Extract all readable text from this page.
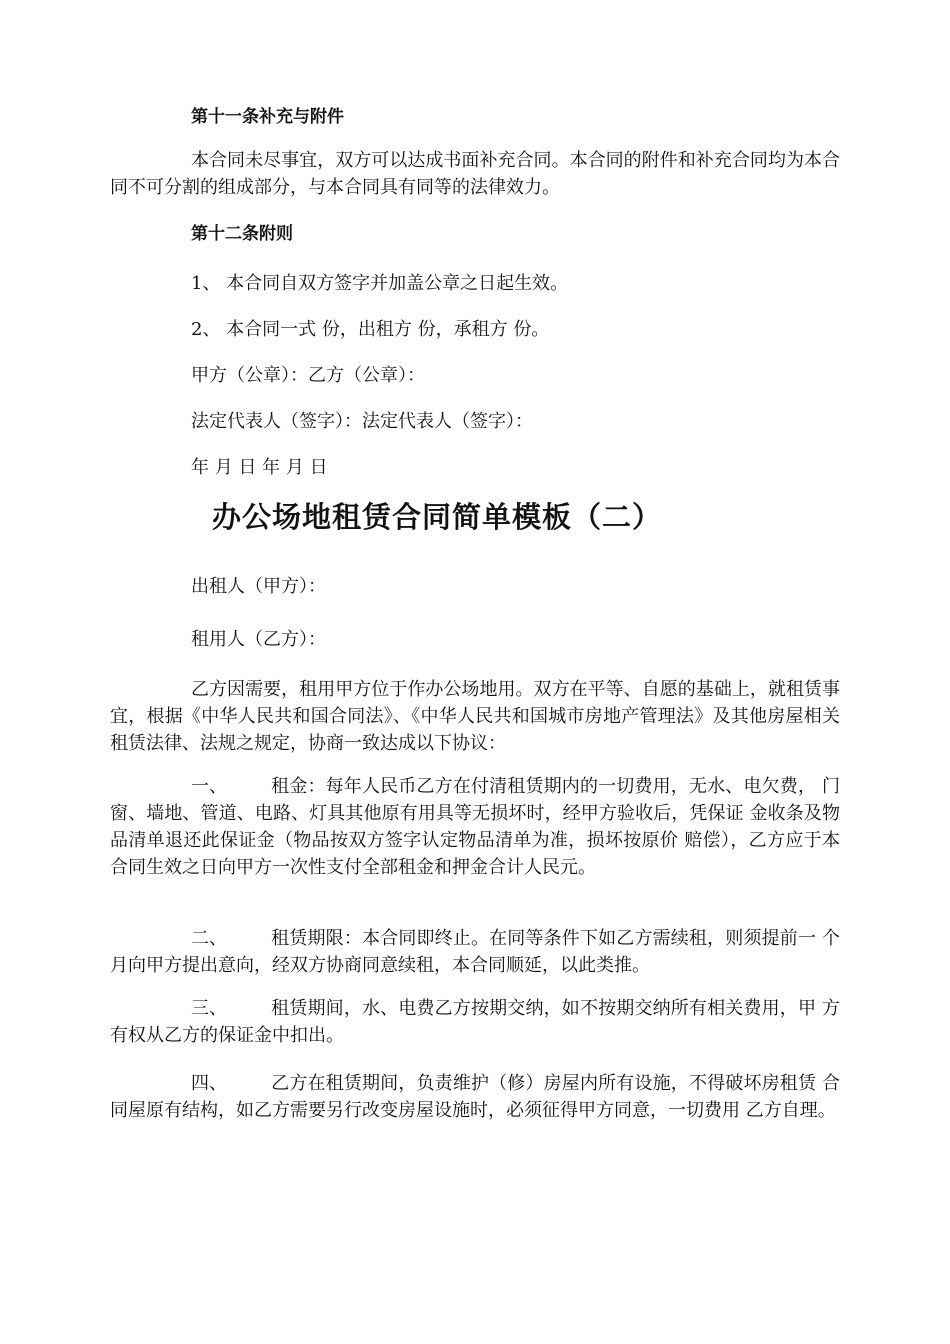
第十一条补充与附件

本合同未尽事宜，双方可以达成书面补充合同。本合同的附件和补充合同均为本合同不可分割的组成部分，与本合同具有同等的法律效力。

第十二条附则

1、 本合同自双方签字并加盖公章之日起生效。

2、 本合同一式 份，出租方 份，承租方 份。

甲方（公章）：乙方（公章）：

法定代表人（签字）：法定代表人（签字）：

年 月 日 年 月 日

办公场地租赁合同简单模板（二）

出租人（甲方）：

租用人（乙方）：

乙方因需要，租用甲方位于作办公场地用。双方在平等、自愿的基础上，就租赁事宜，根据《中华人民共和国合同法》、《中华人民共和国城市房地产管理法》及其他房屋相关租赁法律、法规之规定，协商一致达成以下协议：

一、 租金：每年人民币乙方在付清租赁期内的一切费用，无水、电欠费， 门窗、墙地、管道、电路、灯具其他原有用具等无损坏时，经甲方验收后，凭保证 金收条及物品清单退还此保证金（物品按双方签字认定物品清单为准，损坏按原价 赔偿），乙方应于本合同生效之日向甲方一次性支付全部租金和押金合计人民元。

二、 租赁期限：本合同即终止。在同等条件下如乙方需续租，则须提前一 个月向甲方提出意向，经双方协商同意续租，本合同顺延，以此类推。

三、 租赁期间，水、电费乙方按期交纳，如不按期交纳所有相关费用，甲 方有权从乙方的保证金中扣出。

四、 乙方在租赁期间，负责维护（修）房屋内所有设施，不得破坏房租赁 合同屋原有结构，如乙方需要另行改变房屋设施时，必须征得甲方同意，一切费用 乙方自理。
